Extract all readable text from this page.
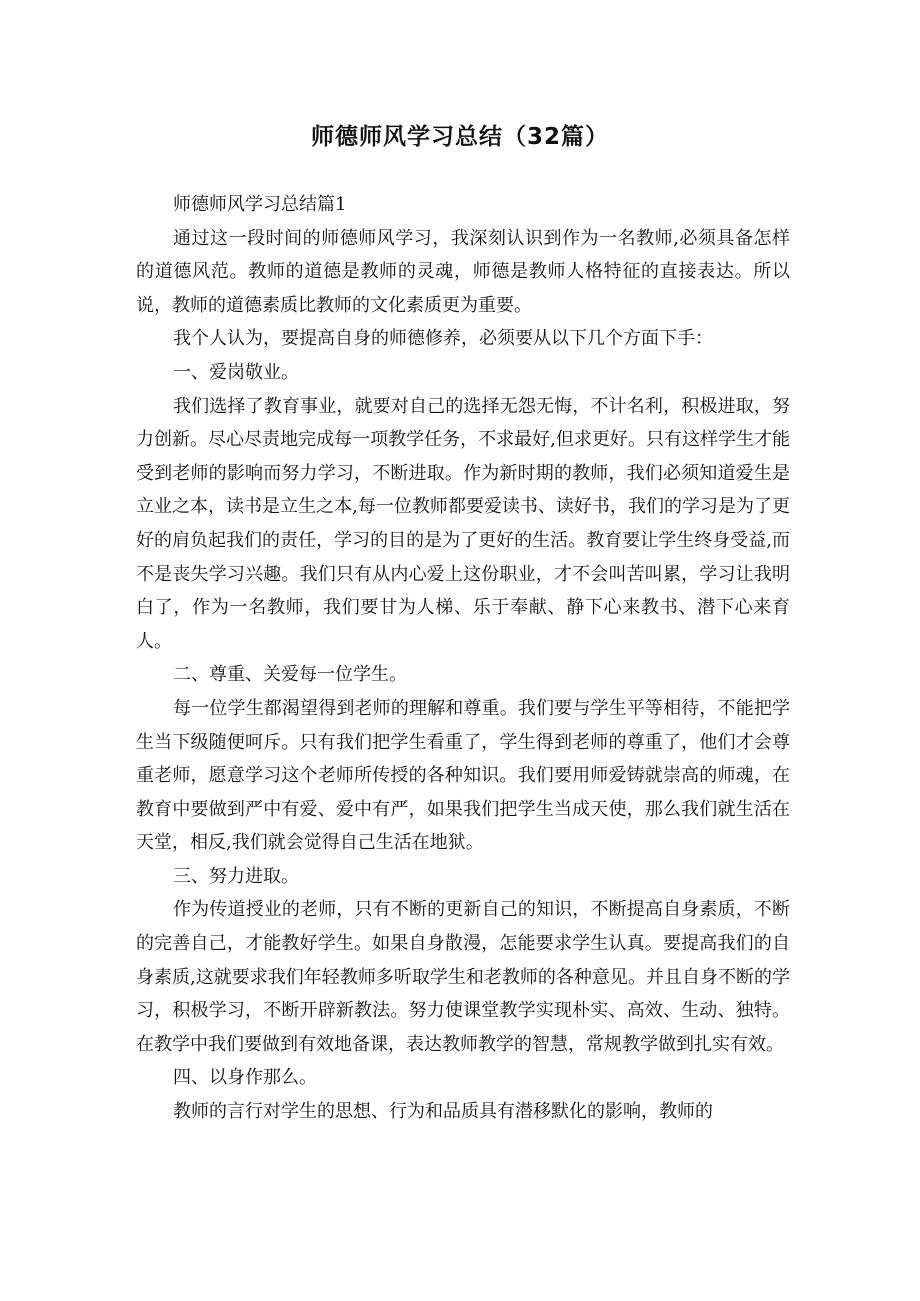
师德师风学习总结（32篇）

师德师风学习总结篇1

通过这一段时间的师德师风学习，我深刻认识到作为一名教师,必须具备怎样的道德风范。教师的道德是教师的灵魂，师德是教师人格特征的直接表达。所以说，教师的道德素质比教师的文化素质更为重要。

我个人认为，要提高自身的师德修养，必须要从以下几个方面下手：

一、爱岗敬业。

我们选择了教育事业，就要对自己的选择无怨无悔，不计名利，积极进取，努力创新。尽心尽责地完成每一项教学任务，不求最好,但求更好。只有这样学生才能受到老师的影响而努力学习，不断进取。作为新时期的教师，我们必须知道爱生是立业之本，读书是立生之本,每一位教师都要爱读书、读好书，我们的学习是为了更好的肩负起我们的责任，学习的目的是为了更好的生活。教育要让学生终身受益,而不是丧失学习兴趣。我们只有从内心爱上这份职业，才不会叫苦叫累，学习让我明白了，作为一名教师，我们要甘为人梯、乐于奉献、静下心来教书、潜下心来育人。

二、尊重、关爱每一位学生。

每一位学生都渴望得到老师的理解和尊重。我们要与学生平等相待，不能把学生当下级随便呵斥。只有我们把学生看重了，学生得到老师的尊重了，他们才会尊重老师，愿意学习这个老师所传授的各种知识。我们要用师爱铸就崇高的师魂，在教育中要做到严中有爱、爱中有严，如果我们把学生当成天使，那么我们就生活在天堂，相反,我们就会觉得自己生活在地狱。

三、努力进取。

作为传道授业的老师，只有不断的更新自己的知识，不断提高自身素质，不断的完善自己，才能教好学生。如果自身散漫，怎能要求学生认真。要提高我们的自身素质,这就要求我们年轻教师多听取学生和老教师的各种意见。并且自身不断的学习，积极学习，不断开辟新教法。努力使课堂教学实现朴实、高效、生动、独特。在教学中我们要做到有效地备课，表达教师教学的智慧，常规教学做到扎实有效。

四、以身作那么。

教师的言行对学生的思想、行为和品质具有潜移默化的影响，教师的
